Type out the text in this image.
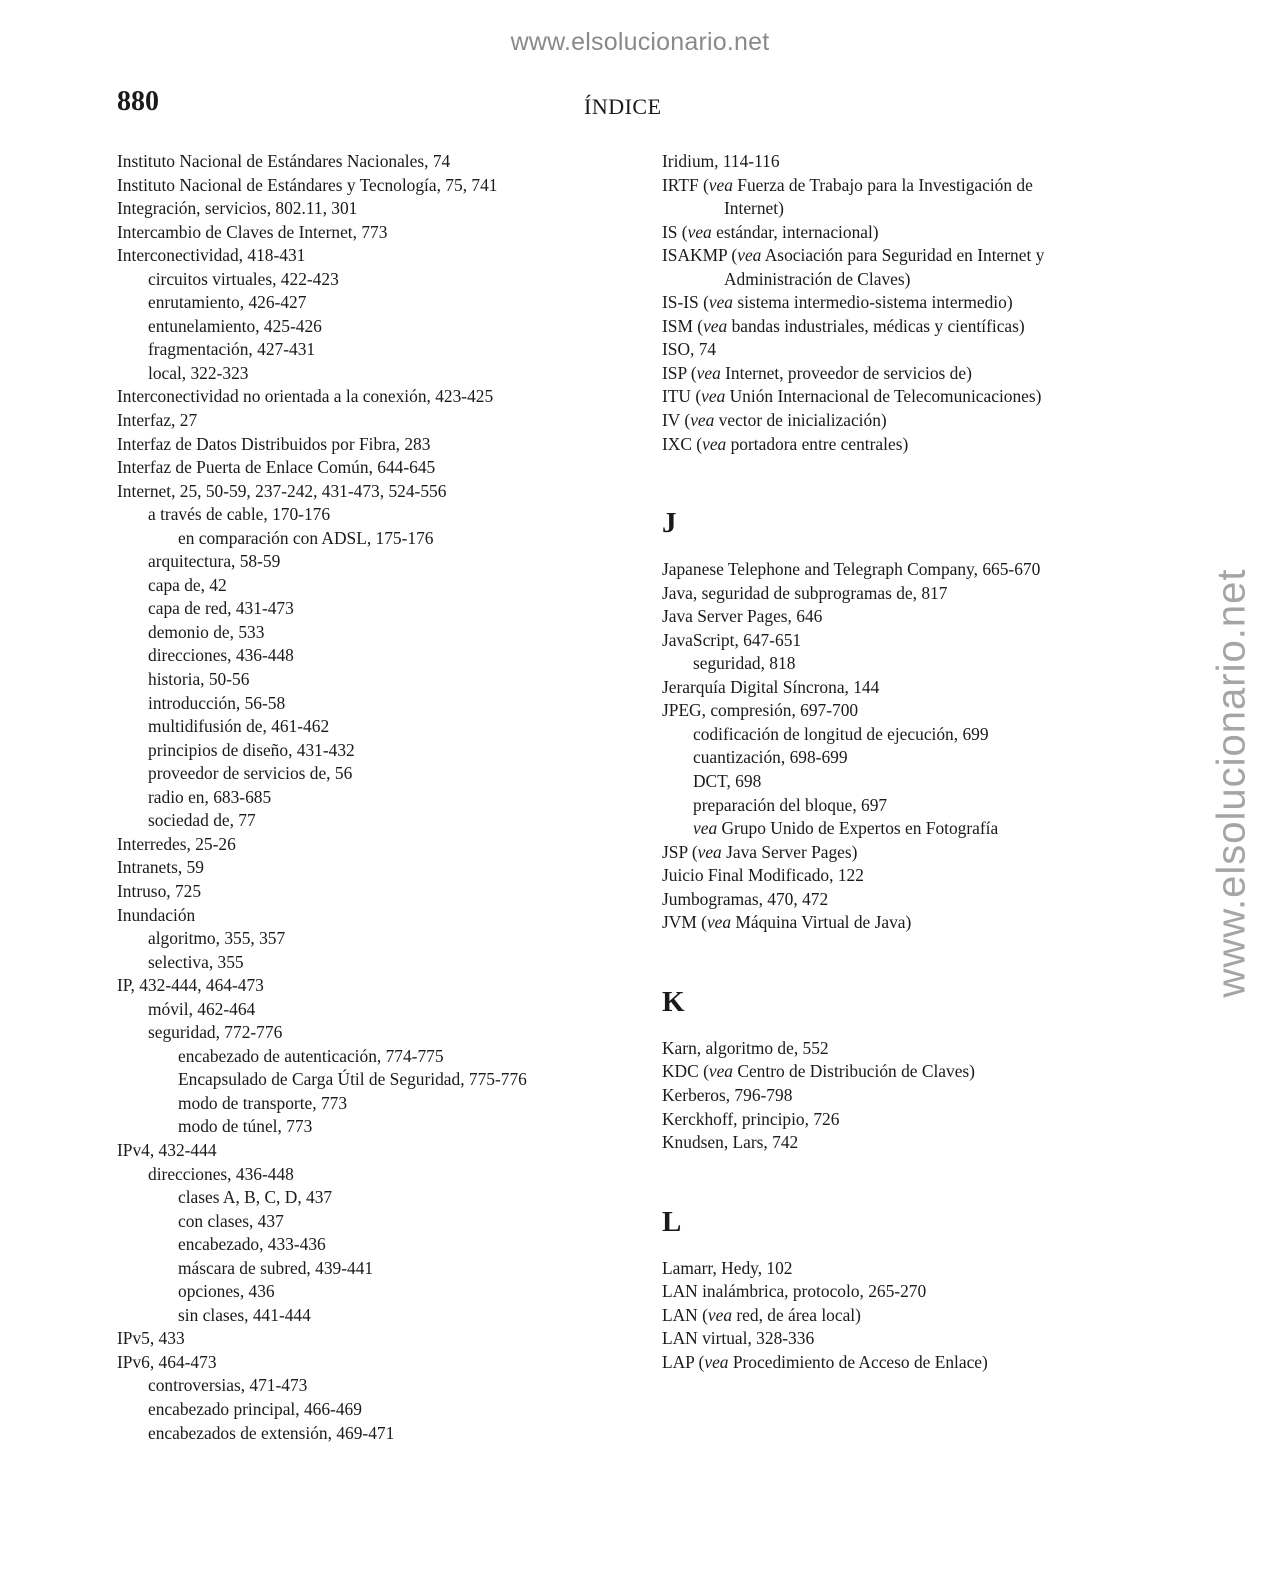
www.elsolucionario.net
www.elsolucionario.net
880	ÍNDICE
Instituto Nacional de Estándares Nacionales, 74
Instituto Nacional de Estándares y Tecnología, 75, 741
Integración, servicios, 802.11, 301
Intercambio de Claves de Internet, 773
Interconectividad, 418-431
circuitos virtuales, 422-423
enrutamiento, 426-427
entunelamiento, 425-426
fragmentación, 427-431
local, 322-323
Interconectividad no orientada a la conexión, 423-425
Interfaz, 27
Interfaz de Datos Distribuidos por Fibra, 283
Interfaz de Puerta de Enlace Común, 644-645
Internet, 25, 50-59, 237-242, 431-473, 524-556
a través de cable, 170-176
en comparación con ADSL, 175-176
arquitectura, 58-59
capa de, 42
capa de red, 431-473
demonio de, 533
direcciones, 436-448
historia, 50-56
introducción, 56-58
multidifusión de, 461-462
principios de diseño, 431-432
proveedor de servicios de, 56
radio en, 683-685
sociedad de, 77
Interredes, 25-26
Intranets, 59
Intruso, 725
Inundación
algoritmo, 355, 357
selectiva, 355
IP, 432-444, 464-473
móvil, 462-464
seguridad, 772-776
encabezado de autenticación, 774-775
Encapsulado de Carga Útil de Seguridad, 775-776
modo de transporte, 773
modo de túnel, 773
IPv4, 432-444
direcciones, 436-448
clases A, B, C, D, 437
con clases, 437
encabezado, 433-436
máscara de subred, 439-441
opciones, 436
sin clases, 441-444
IPv5, 433
IPv6, 464-473
controversias, 471-473
encabezado principal, 466-469
encabezados de extensión, 469-471
Iridium, 114-116
IRTF (vea Fuerza de Trabajo para la Investigación de
Internet)
IS (vea estándar, internacional)
ISAKMP (vea Asociación para Seguridad en Internet y
Administración de Claves)
IS-IS (vea sistema intermedio-sistema intermedio)
ISM (vea bandas industriales, médicas y científicas)
ISO, 74
ISP (vea Internet, proveedor de servicios de)
ITU (vea Unión Internacional de Telecomunicaciones)
IV (vea vector de inicialización)
IXC (vea portadora entre centrales)
J
Japanese Telephone and Telegraph Company, 665-670
Java, seguridad de subprogramas de, 817
Java Server Pages, 646
JavaScript, 647-651
seguridad, 818
Jerarquía Digital Síncrona, 144
JPEG, compresión, 697-700
codificación de longitud de ejecución, 699
cuantización, 698-699
DCT, 698
preparación del bloque, 697
vea Grupo Unido de Expertos en Fotografía
JSP (vea Java Server Pages)
Juicio Final Modificado, 122
Jumbogramas, 470, 472
JVM (vea Máquina Virtual de Java)
K
Karn, algoritmo de, 552
KDC (vea Centro de Distribución de Claves)
Kerberos, 796-798
Kerckhoff, principio, 726
Knudsen, Lars, 742
L
Lamarr, Hedy, 102
LAN inalámbrica, protocolo, 265-270
LAN (vea red, de área local)
LAN virtual, 328-336
LAP (vea Procedimiento de Acceso de Enlace)
